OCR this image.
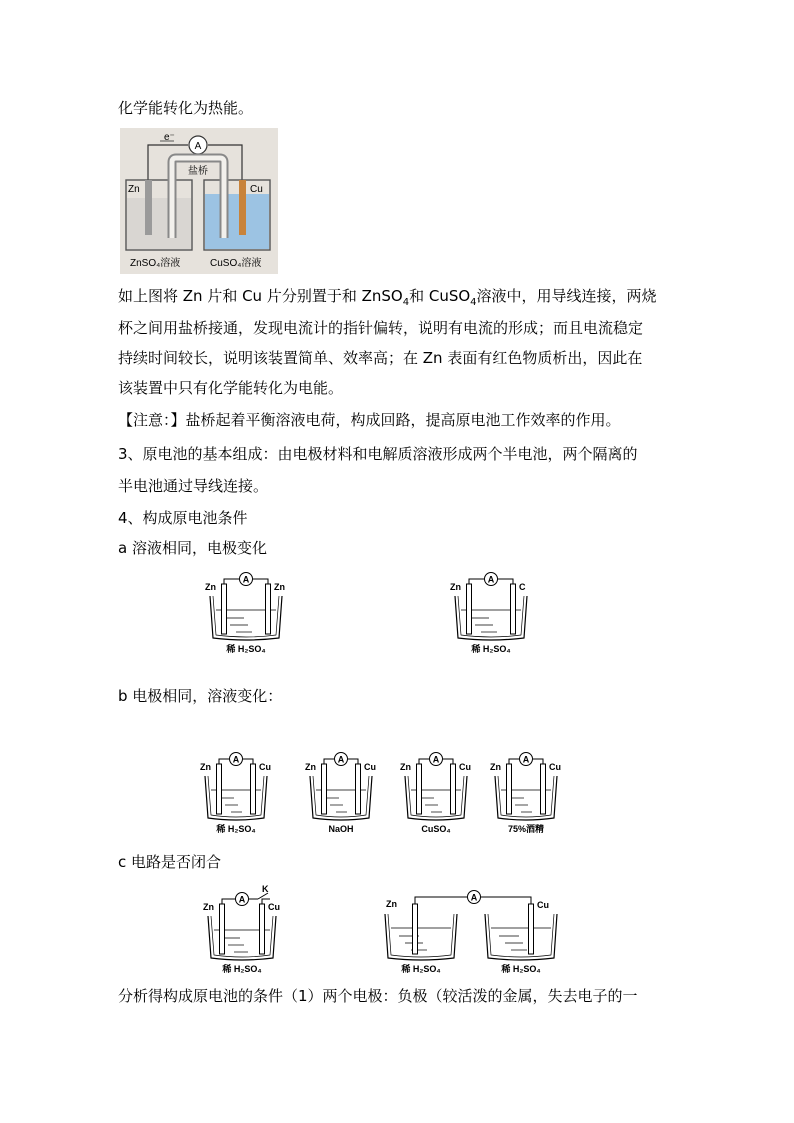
化学能转化为热能。
如上图将 Zn 片和 Cu 片分别置于和 ZnSO$_4$和 CuSO$_4$溶液中，用导线连接，两烧
杯之间用盐桥接通，发现电流计的指针偏转，说明有电流的形成；而且电流稳定
持续时间较长，说明该装置简单、效率高；在 Zn 表面有红色物质析出，因此在
该装置中只有化学能转化为电能。
【注意：】盐桥起着平衡溶液电荷，构成回路，提高原电池工作效率的作用。
3、原电池的基本组成：由电极材料和电解质溶液形成两个半电池，两个隔离的
半电池通过导线连接。
4、构成原电池条件
a 溶液相同，电极变化
b 电极相同，溶液变化：
c 电路是否闭合
分析得构成原电池的条件（1）两个电极：负极（较活泼的金属，失去电子的一
A
e⁻
盐桥
Zn	Cu
ZnSO₄溶液	CuSO₄溶液
A
Zn	Zn
稀 H₂SO₄
A
Zn	C
稀 H₂SO₄
A
Zn	Cu
稀 H₂SO₄
A
Zn	Cu
NaOH
A
Zn	Cu
CuSO₄
A
Zn	Cu
75%酒精
K
A
Zn	Cu
稀 H₂SO₄
A
Zn	Cu
稀 H₂SO₄	稀 H₂SO₄
